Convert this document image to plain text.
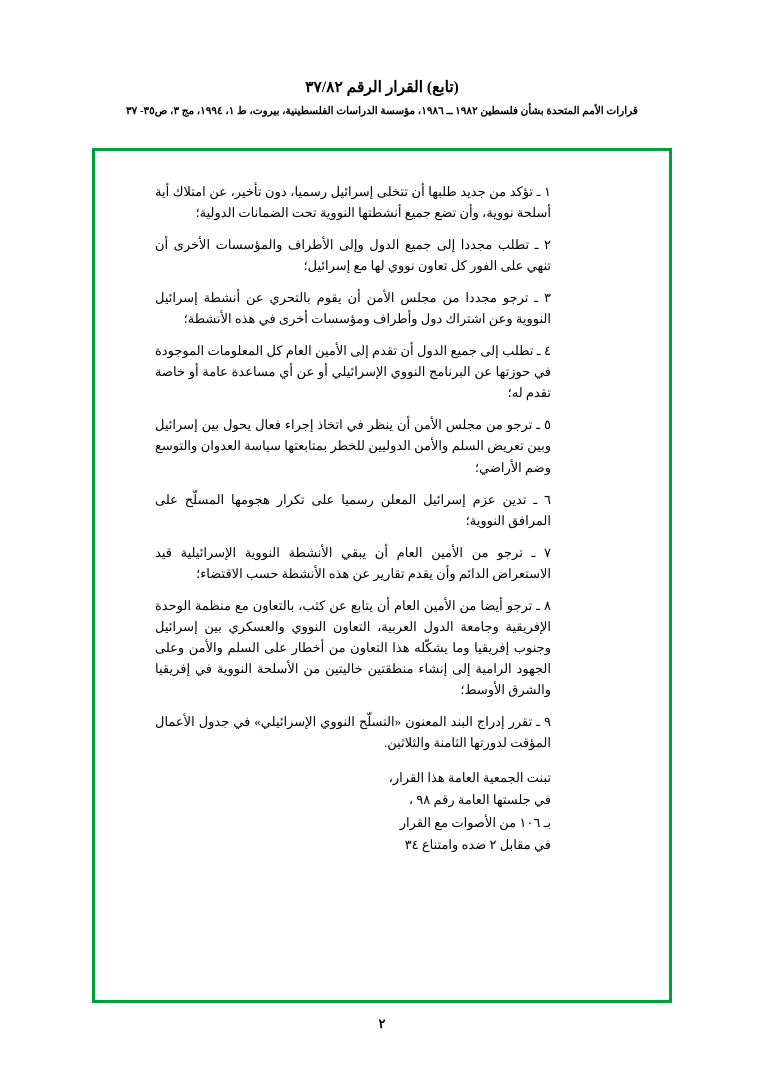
(تابع) القرار الرقم ٣٧/٨٢

قرارات الأمم المتحدة بشأن فلسطين ١٩٨٢ ــ ١٩٨٦، مؤسسة الدراسات الفلسطينية، بيروت، ط ١، ١٩٩٤، مج ٣، ص٣٥- ٣٧

١ ـ تؤكد من جديد طلبها أن تتخلى إسرائيل رسميا، دون تأخير، عن امتلاك أية أسلحة نووية، وأن تضع جميع أنشطتها النووية تحت الضمانات الدولية؛

٢ ـ تطلب مجددا إلى جميع الدول وإلى الأطراف والمؤسسات الأخرى أن تنهي على الفور كل تعاون نووي لها مع إسرائيل؛

٣ ـ ترجو مجددا من مجلس الأمن أن يقوم بالتحري عن أنشطة إسرائيل النووية وعن اشتراك دول وأطراف ومؤسسات أخرى في هذه الأنشطة؛

٤ ـ تطلب إلى جميع الدول أن تقدم إلى الأمين العام كل المعلومات الموجودة في حوزتها عن البرنامج النووي الإسرائيلي أو عن أي مساعدة عامة أو خاصة تقدم له؛

٥ ـ ترجو من مجلس الأمن أن ينظر في اتخاذ إجراء فعال يحول بين إسرائيل وبين تعريض السلم والأمن الدوليين للخطر بمتابعتها سياسة العدوان والتوسع وضم الأراضي؛

٦ ـ تدين عزم إسرائيل المعلن رسميا على تكرار هجومها المسلّح على المرافق النووية؛

٧ ـ ترجو من الأمين العام أن يبقي الأنشطة النووية الإسرائيلية قيد الاستعراض الدائم وأن يقدم تقارير عن هذه الأنشطة حسب الاقتضاء؛

٨ ـ ترجو أيضا من الأمين العام أن يتابع عن كثب، بالتعاون مع منظمة الوحدة الإفريقية وجامعة الدول العربية، التعاون النووي والعسكري بين إسرائيل وجنوب إفريقيا وما يشكّله هذا التعاون من أخطار على السلم والأمن وعلى الجهود الرامية إلى إنشاء منطقتين خاليتين من الأسلحة النووية في إفريقيا والشرق الأوسط؛

٩ ـ تقرر إدراج البند المعنون «التسلّح النووي الإسرائيلي» في جدول الأعمال المؤقت لدورتها الثامنة والثلاثين.

تبنت الجمعية العامة هذا القرار،
في جلستها العامة رقم ٩٨ ،
بـ ١٠٦ من الأصوات مع القرار
في مقابل ٢ ضده وامتناع ٣٤
٢
